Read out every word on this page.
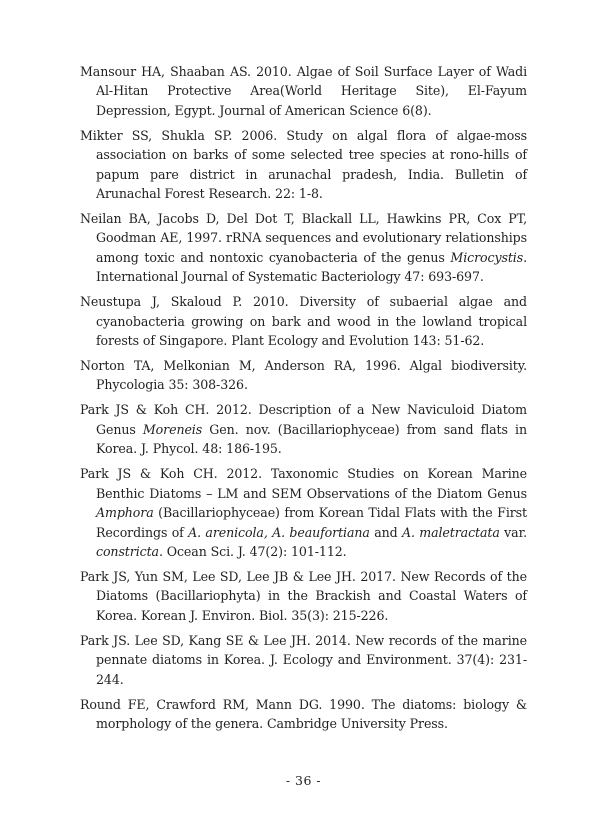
Mansour HA, Shaaban AS. 2010. Algae of Soil Surface Layer of Wadi Al-Hitan Protective Area(World Heritage Site), El-Fayum Depression, Egypt. Journal of American Science 6(8).

Mikter SS, Shukla SP. 2006. Study on algal flora of algae-moss association on barks of some selected tree species at rono-hills of papum pare district in arunachal pradesh, India. Bulletin of Arunachal Forest Research. 22: 1-8.

Neilan BA, Jacobs D, Del Dot T, Blackall LL, Hawkins PR, Cox PT, Goodman AE, 1997. rRNA sequences and evolutionary relationships among toxic and nontoxic cyanobacteria of the genus Microcystis. International Journal of Systematic Bacteriology 47: 693-697.

Neustupa J, Skaloud P. 2010. Diversity of subaerial algae and cyanobacteria growing on bark and wood in the lowland tropical forests of Singapore. Plant Ecology and Evolution 143: 51-62.

Norton TA, Melkonian M, Anderson RA, 1996. Algal biodiversity. Phycologia 35: 308-326.

Park JS & Koh CH. 2012. Description of a New Naviculoid Diatom Genus Moreneis Gen. nov. (Bacillariophyceae) from sand flats in Korea. J. Phycol. 48: 186-195.

Park JS & Koh CH. 2012. Taxonomic Studies on Korean Marine Benthic Diatoms – LM and SEM Observations of the Diatom Genus Amphora (Bacillariophyceae) from Korean Tidal Flats with the First Recordings of A. arenicola, A. beaufortiana and A. maletractata var. constricta. Ocean Sci. J. 47(2): 101-112.

Park JS, Yun SM, Lee SD, Lee JB & Lee JH. 2017. New Records of the Diatoms (Bacillariophyta) in the Brackish and Coastal Waters of Korea. Korean J. Environ. Biol. 35(3): 215-226.

Park JS. Lee SD, Kang SE & Lee JH. 2014. New records of the marine pennate diatoms in Korea. J. Ecology and Environment. 37(4): 231-244.

Round FE, Crawford RM, Mann DG. 1990. The diatoms: biology & morphology of the genera. Cambridge University Press.

- 36 -
